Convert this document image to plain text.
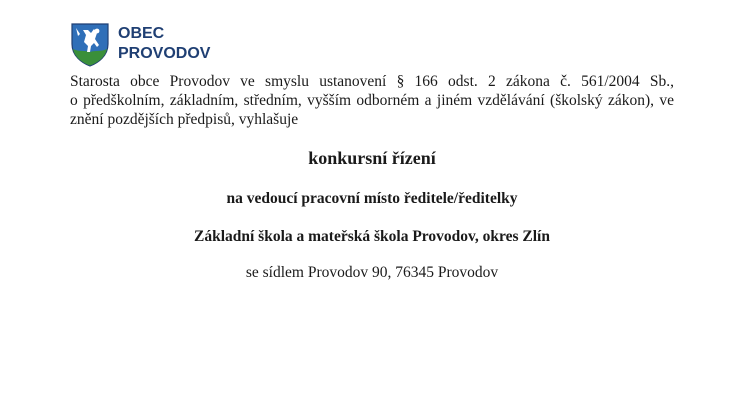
OBEC
PROVODOV
Starosta obce Provodov ve smyslu ustanovení § 166 odst. 2 zákona č. 561/2004 Sb.,
o předškolním, základním, středním, vyšším odborném a jiném vzdělávání (školský zákon), ve
znění pozdějších předpisů, vyhlašuje
konkursní řízení
na vedoucí pracovní místo ředitele/ředitelky
Základní škola a mateřská škola Provodov, okres Zlín
se sídlem Provodov 90, 76345 Provodov
